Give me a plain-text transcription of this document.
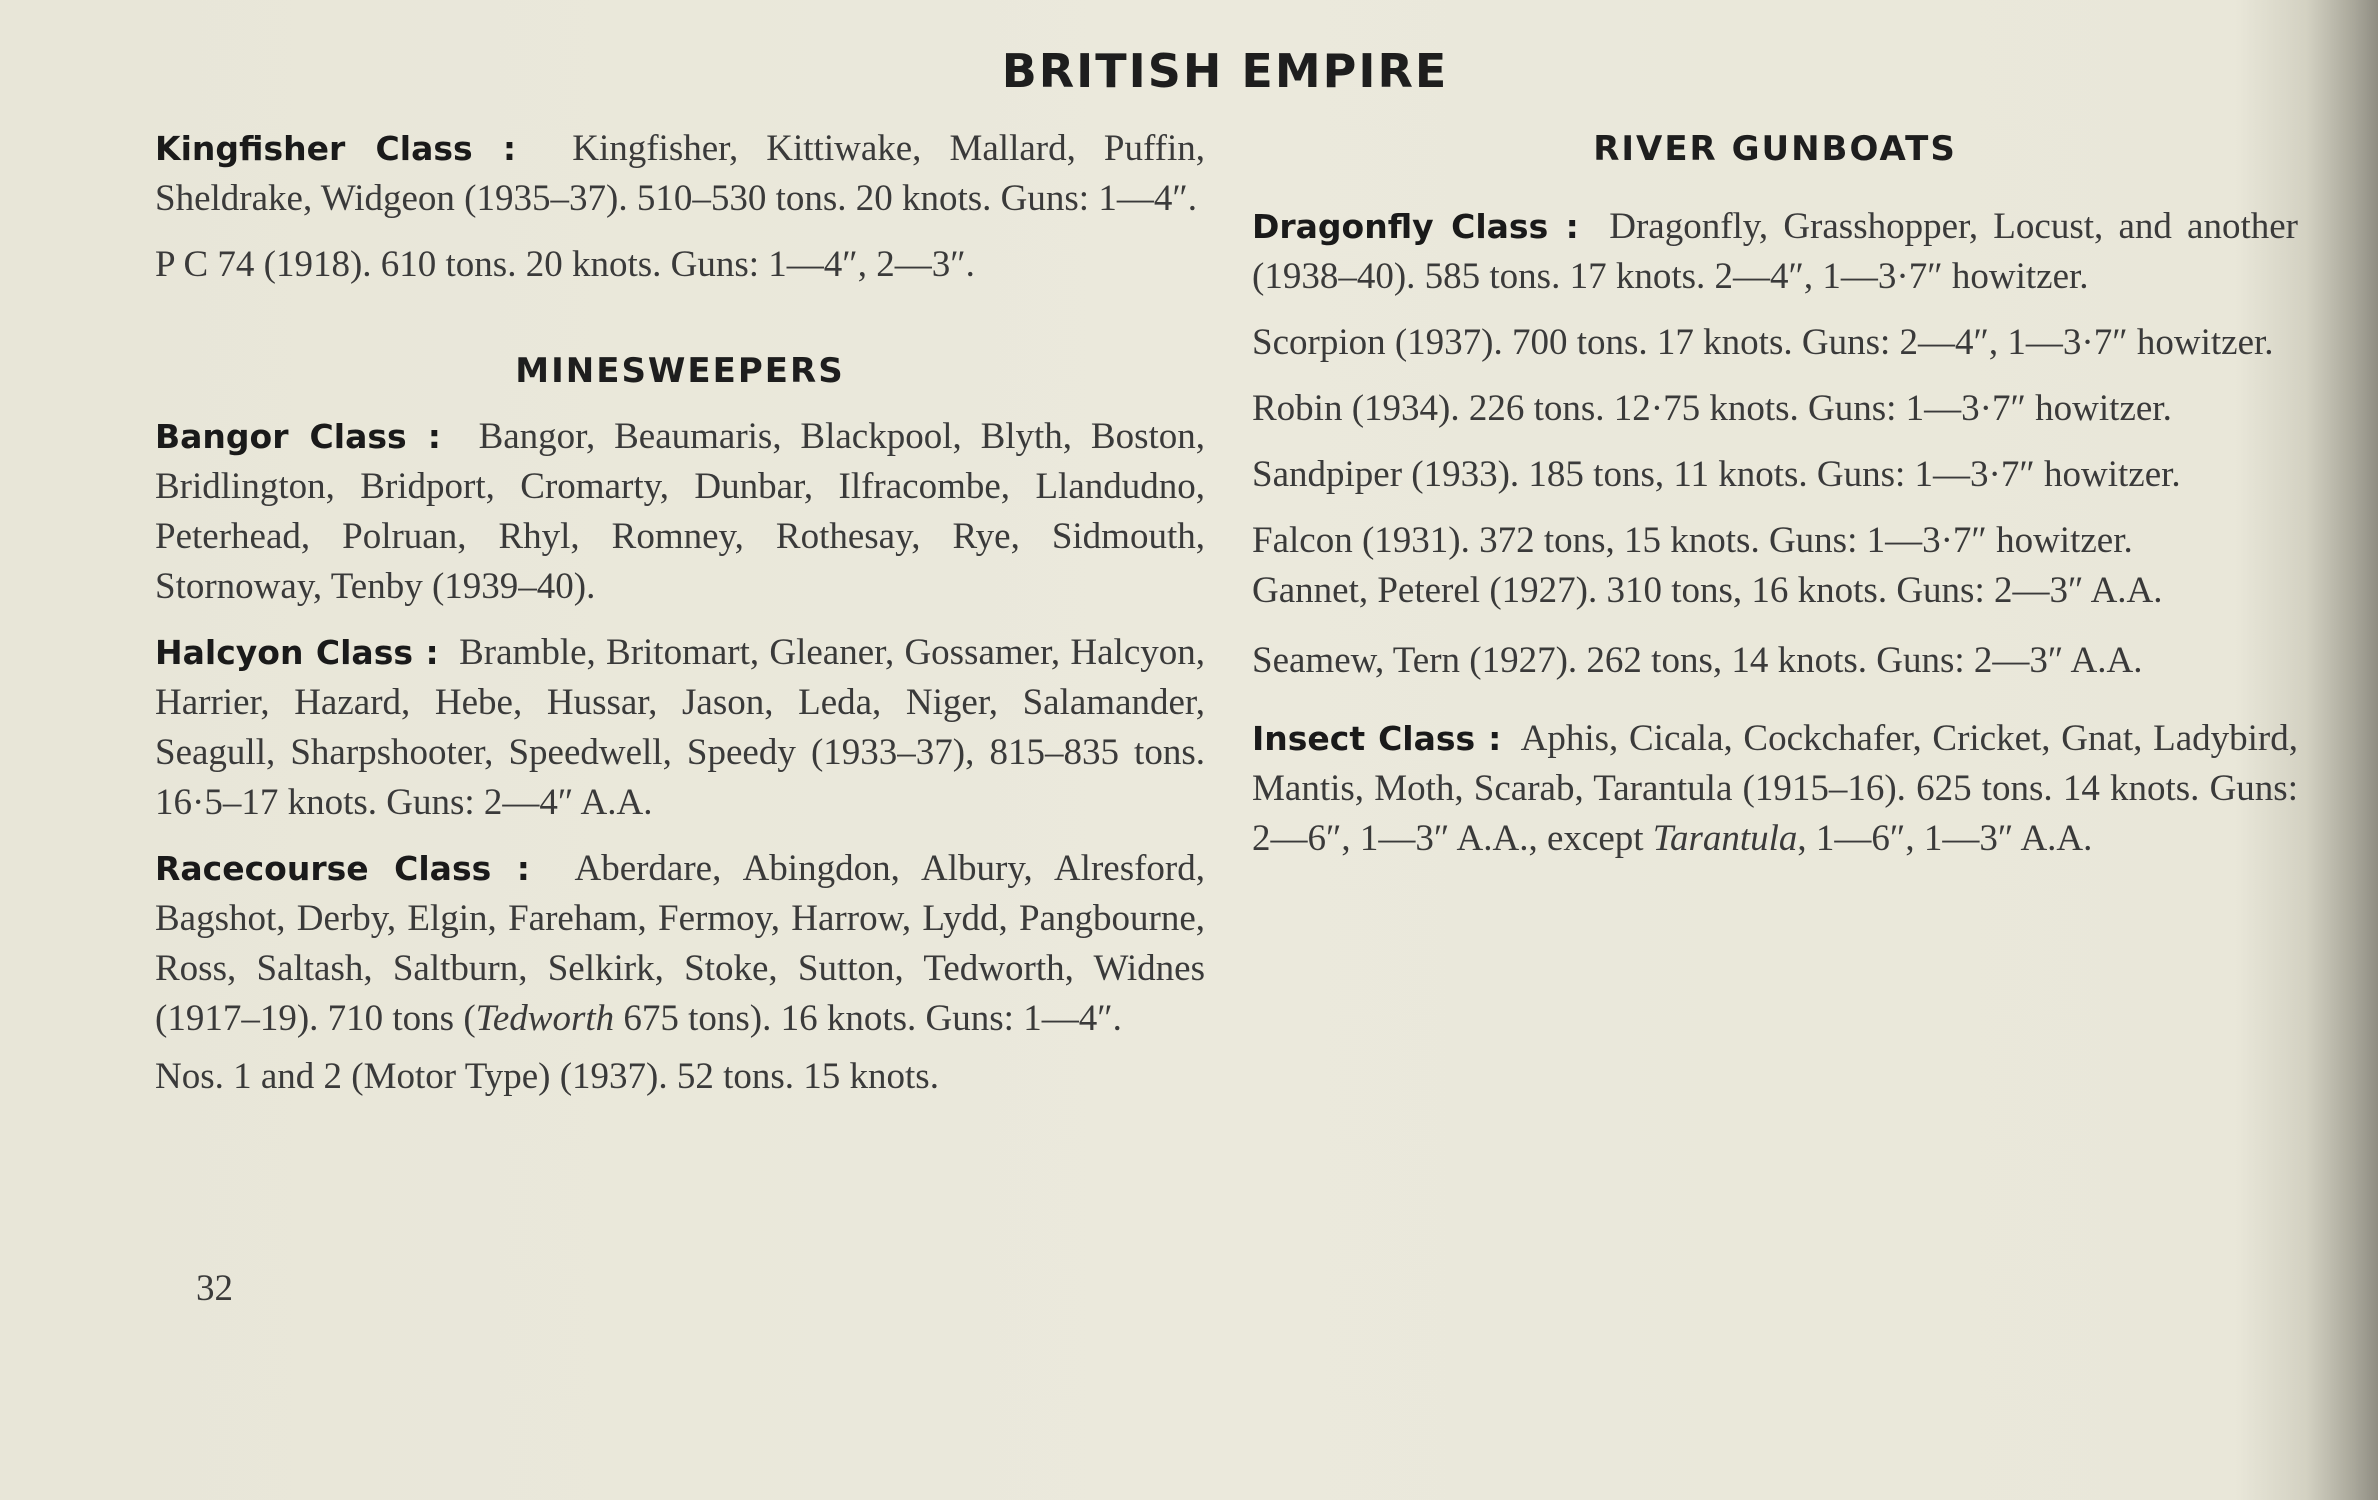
BRITISH EMPIRE

Kingfisher Class : Kingfisher, Kittiwake, Mallard, Puffin, Sheldrake, Widgeon (1935–37). 510–530 tons. 20 knots. Guns: 1—4″.

P C 74 (1918). 610 tons. 20 knots. Guns: 1—4″, 2—3″.

MINESWEEPERS

Bangor Class : Bangor, Beaumaris, Blackpool, Blyth, Boston, Bridlington, Bridport, Cromarty, Dunbar, Ilfracombe, Llandudno, Peterhead, Polruan, Rhyl, Romney, Rothesay, Rye, Sidmouth, Stornoway, Tenby (1939–40).

Halcyon Class : Bramble, Britomart, Gleaner, Gossamer, Halcyon, Harrier, Hazard, Hebe, Hussar, Jason, Leda, Niger, Salamander, Seagull, Sharpshooter, Speedwell, Speedy (1933–37), 815–835 tons. 16·5–17 knots. Guns: 2—4″ A.A.

Racecourse Class : Aberdare, Abingdon, Albury, Alresford, Bagshot, Derby, Elgin, Fareham, Fermoy, Harrow, Lydd, Pangbourne, Ross, Saltash, Saltburn, Selkirk, Stoke, Sutton, Tedworth, Widnes (1917–19). 710 tons (Tedworth 675 tons). 16 knots. Guns: 1—4″.

Nos. 1 and 2 (Motor Type) (1937). 52 tons. 15 knots.

32
RIVER GUNBOATS

Dragonfly Class : Dragonfly, Grasshopper, Locust, and another (1938–40). 585 tons. 17 knots. 2—4″, 1—3·7″ howitzer.

Scorpion (1937). 700 tons. 17 knots. Guns: 2—4″, 1—3·7″ howitzer.

Robin (1934). 226 tons. 12·75 knots. Guns: 1—3·7″ howitzer.

Sandpiper (1933). 185 tons, 11 knots. Guns: 1—3·7″ howitzer.

Falcon (1931). 372 tons, 15 knots. Guns: 1—3·7″ howitzer.

Gannet, Peterel (1927). 310 tons, 16 knots. Guns: 2—3″ A.A.

Seamew, Tern (1927). 262 tons, 14 knots. Guns: 2—3″ A.A.

Insect Class : Aphis, Cicala, Cockchafer, Cricket, Gnat, Ladybird, Mantis, Moth, Scarab, Tarantula (1915–16). 625 tons. 14 knots. Guns: 2—6″, 1—3″ A.A., except Tarantula, 1—6″, 1—3″ A.A.
